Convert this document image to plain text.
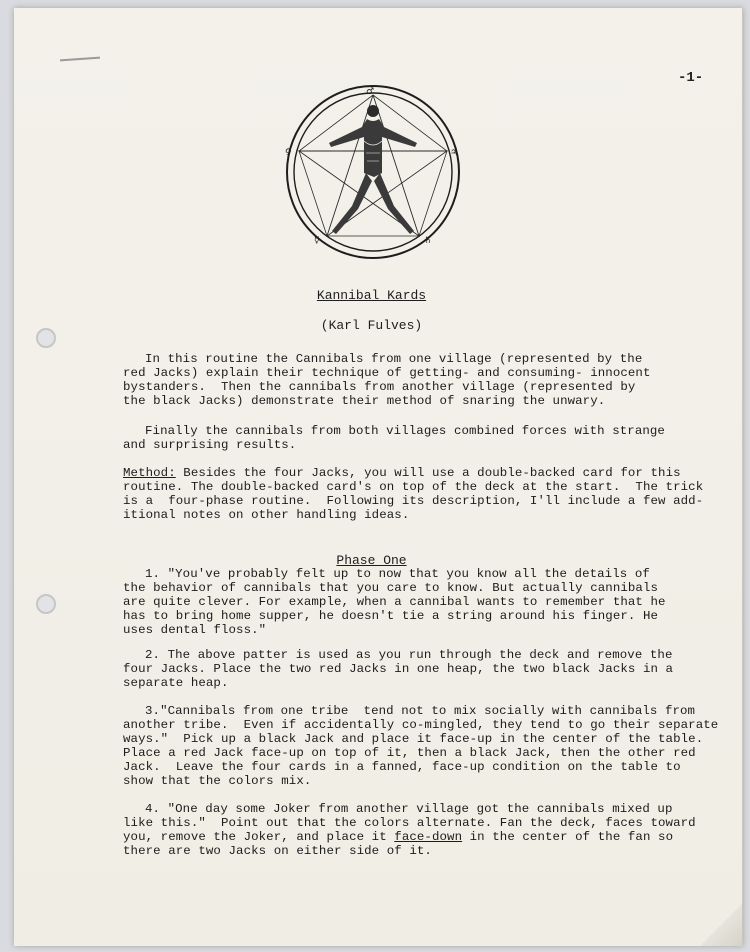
-1-
♂
♀	♃
☿	♄
Kannibal Kards
(Karl Fulves)
In this routine the Cannibals from one village (represented by the
red Jacks) explain their technique of getting- and consuming- innocent
bystanders.  Then the cannibals from another village (represented by
the black Jacks) demonstrate their method of snaring the unwary.
Finally the cannibals from both villages combined forces with strange
and surprising results.
Method: Besides the four Jacks, you will use a double-backed card for this
routine. The double-backed card's on top of the deck at the start.  The trick
is a  four-phase routine.  Following its description, I'll include a few add-
itional notes on other handling ideas.
Phase One
1. "You've probably felt up to now that you know all the details of
the behavior of cannibals that you care to know. But actually cannibals
are quite clever. For example, when a cannibal wants to remember that he
has to bring home supper, he doesn't tie a string around his finger. He
uses dental floss."
2. The above patter is used as you run through the deck and remove the
four Jacks. Place the two red Jacks in one heap, the two black Jacks in a
separate heap.
3."Cannibals from one tribe  tend not to mix socially with cannibals from
another tribe.  Even if accidentally co-mingled, they tend to go their separate
ways."  Pick up a black Jack and place it face-up in the center of the table.
Place a red Jack face-up on top of it, then a black Jack, then the other red
Jack.  Leave the four cards in a fanned, face-up condition on the table to
show that the colors mix.
4. "One day some Joker from another village got the cannibals mixed up
like this."  Point out that the colors alternate. Fan the deck, faces toward
you, remove the Joker, and place it face-down in the center of the fan so
there are two Jacks on either side of it.
